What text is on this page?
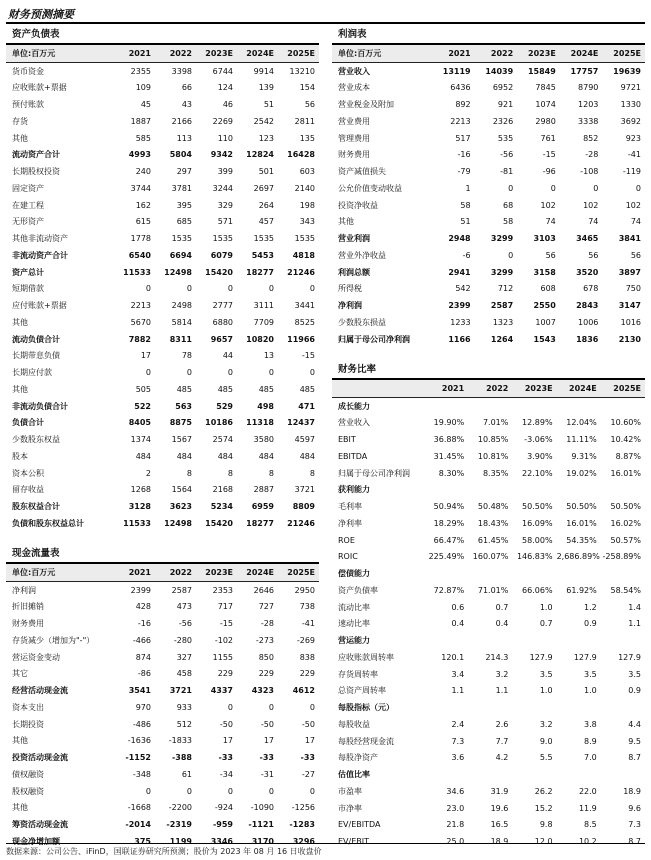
财务预测摘要
资产负债表
单位:百万元	2021	2022	2023E	2024E	2025E
货币资金	2355	3398	6744	9914	13210
应收账款+票据	109	66	124	139	154
预付账款	45	43	46	51	56
存货	1887	2166	2269	2542	2811
其他	585	113	110	123	135
流动资产合计	4993	5804	9342	12824	16428
长期股权投资	240	297	399	501	603
固定资产	3744	3781	3244	2697	2140
在建工程	162	395	329	264	198
无形资产	615	685	571	457	343
其他非流动资产	1778	1535	1535	1535	1535
非流动资产合计	6540	6694	6079	5453	4818
资产总计	11533	12498	15420	18277	21246
短期借款	0	0	0	0	0
应付账款+票据	2213	2498	2777	3111	3441
其他	5670	5814	6880	7709	8525
流动负债合计	7882	8311	9657	10820	11966
长期带息负债	17	78	44	13	-15
长期应付款	0	0	0	0	0
其他	505	485	485	485	485
非流动负债合计	522	563	529	498	471
负债合计	8405	8875	10186	11318	12437
少数股东权益	1374	1567	2574	3580	4597
股本	484	484	484	484	484
资本公积	2	8	8	8	8
留存收益	1268	1564	2168	2887	3721
股东权益合计	3128	3623	5234	6959	8809
负债和股东权益总计	11533	12498	15420	18277	21246
现金流量表
单位:百万元	2021	2022	2023E	2024E	2025E
净利润	2399	2587	2353	2646	2950
折旧摊销	428	473	717	727	738
财务费用	-16	-56	-15	-28	-41
存货减少（增加为"-"）	-466	-280	-102	-273	-269
营运资金变动	874	327	1155	850	838
其它	-86	458	229	229	229
经营活动现金流	3541	3721	4337	4323	4612
资本支出	970	933	0	0	0
长期投资	-486	512	-50	-50	-50
其他	-1636	-1833	17	17	17
投资活动现金流	-1152	-388	-33	-33	-33
债权融资	-348	61	-34	-31	-27
股权融资	0	0	0	0	0
其他	-1668	-2200	-924	-1090	-1256
筹资活动现金流	-2014	-2319	-959	-1121	-1283
现金净增加额	375	1199	3346	3170	3296
利润表
单位:百万元	2021	2022	2023E	2024E	2025E
营业收入	13119	14039	15849	17757	19639
营业成本	6436	6952	7845	8790	9721
营业税金及附加	892	921	1074	1203	1330
营业费用	2213	2326	2980	3338	3692
管理费用	517	535	761	852	923
财务费用	-16	-56	-15	-28	-41
资产减值损失	-79	-81	-96	-108	-119
公允价值变动收益	1	0	0	0	0
投资净收益	58	68	102	102	102
其他	51	58	74	74	74
营业利润	2948	3299	3103	3465	3841
营业外净收益	-6	0	56	56	56
利润总额	2941	3299	3158	3520	3897
所得税	542	712	608	678	750
净利润	2399	2587	2550	2843	3147
少数股东损益	1233	1323	1007	1006	1016
归属于母公司净利润	1166	1264	1543	1836	2130
财务比率
	2021	2022	2023E	2024E	2025E
成长能力					
营业收入	19.90%	7.01%	12.89%	12.04%	10.60%
EBIT	36.88%	10.85%	-3.06%	11.11%	10.42%
EBITDA	31.45%	10.81%	3.90%	9.31%	8.87%
归属于母公司净利润	8.30%	8.35%	22.10%	19.02%	16.01%
获利能力					
毛利率	50.94%	50.48%	50.50%	50.50%	50.50%
净利率	18.29%	18.43%	16.09%	16.01%	16.02%
ROE	66.47%	61.45%	58.00%	54.35%	50.57%
ROIC	225.49%	160.07%	146.83%	2,686.89%	-258.89%
偿债能力					
资产负债率	72.87%	71.01%	66.06%	61.92%	58.54%
流动比率	0.6	0.7	1.0	1.2	1.4
速动比率	0.4	0.4	0.7	0.9	1.1
营运能力					
应收账款周转率	120.1	214.3	127.9	127.9	127.9
存货周转率	3.4	3.2	3.5	3.5	3.5
总资产周转率	1.1	1.1	1.0	1.0	0.9
每股指标（元）					
每股收益	2.4	2.6	3.2	3.8	4.4
每股经营现金流	7.3	7.7	9.0	8.9	9.5
每股净资产	3.6	4.2	5.5	7.0	8.7
估值比率					
市盈率	34.6	31.9	26.2	22.0	18.9
市净率	23.0	19.6	15.2	11.9	9.6
EV/EBITDA	21.8	16.5	9.8	8.5	7.3
EV/EBIT	25.0	18.9	12.0	10.2	8.7
数据来源：公司公告、iFinD，国联证券研究所预测；股价为 2023 年 08 月 16 日收盘价
